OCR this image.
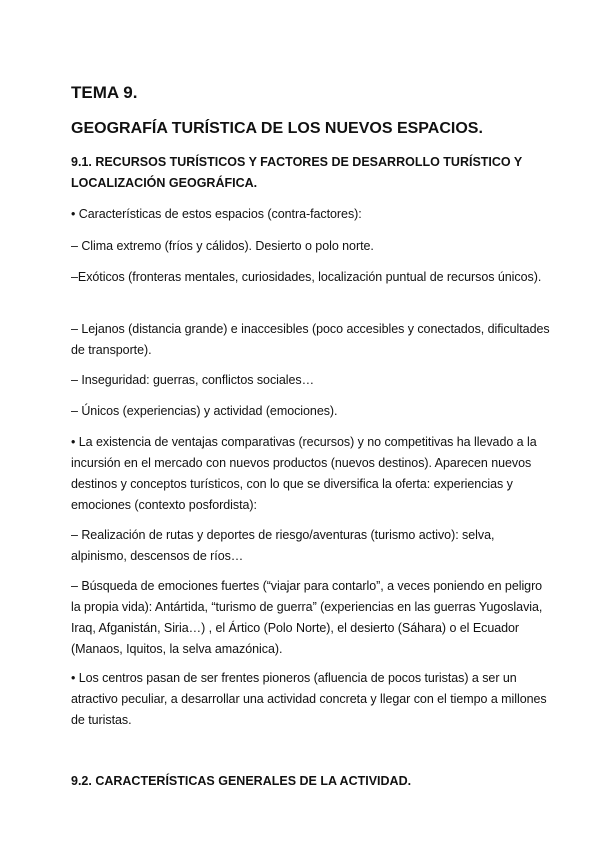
TEMA 9.
GEOGRAFÍA TURÍSTICA DE LOS NUEVOS ESPACIOS.
9.1. RECURSOS TURÍSTICOS Y FACTORES DE DESARROLLO TURÍSTICO Y LOCALIZACIÓN GEOGRÁFICA.
• Características de estos espacios (contra-factores):
– Clima extremo (fríos y cálidos). Desierto o polo norte.
–Exóticos (fronteras mentales, curiosidades, localización puntual de recursos únicos).
– Lejanos (distancia grande) e inaccesibles (poco accesibles y conectados, dificultades de transporte).
– Inseguridad: guerras, conflictos sociales…
– Únicos (experiencias) y actividad (emociones).
• La existencia de ventajas comparativas (recursos) y no competitivas ha llevado a la incursión en el mercado con nuevos productos (nuevos destinos). Aparecen nuevos destinos y conceptos turísticos, con lo que se diversifica la oferta: experiencias y emociones (contexto posfordista):
– Realización de rutas y deportes de riesgo/aventuras (turismo activo): selva, alpinismo, descensos de ríos…
– Búsqueda de emociones fuertes (“viajar para contarlo”, a veces poniendo en peligro la propia vida): Antártida, “turismo de guerra” (experiencias en las guerras Yugoslavia, Iraq, Afganistán, Siria…) , el Ártico (Polo Norte), el desierto (Sáhara) o el Ecuador (Manaos, Iquitos, la selva amazónica).
• Los centros pasan de ser frentes pioneros (afluencia de pocos turistas) a ser un atractivo peculiar, a desarrollar una actividad concreta y llegar con el tiempo a millones de turistas.
9.2. CARACTERÍSTICAS GENERALES DE LA ACTIVIDAD.
